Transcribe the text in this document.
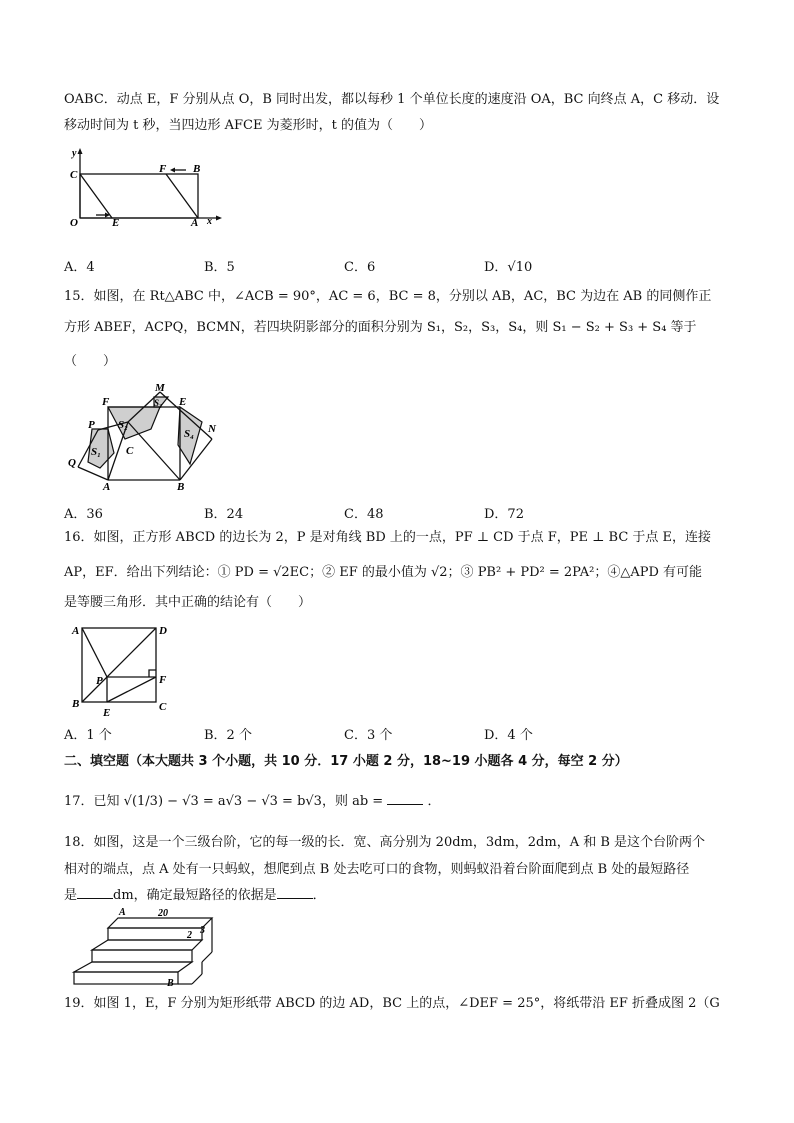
OABC．动点 E，F 分别从点 O，B 同时出发，都以每秒 1 个单位长度的速度沿 OA，BC 向终点 A，C 移动．设
移动时间为 t 秒，当四边形 AFCE 为菱形时，t 的值为（　　）
y
x
C	F B
O	E	A
A．4	B．5	C．6	D．√10
15．如图，在 Rt△ABC 中，∠ACB = 90°，AC = 6，BC = 8，分别以 AB，AC，BC 为边在 AB 的同侧作正
方形 ABEF，ACPQ，BCMN，若四块阴影部分的面积分别为 S₁，S₂，S₃，S₄，则 S₁ − S₂ + S₃ + S₄ 等于
（　　）
M
F	S₃ E
P S₂
S₄ N
Q
S₁ C
A	B
A．36	B．24	C．48	D．72
16．如图，正方形 ABCD 的边长为 2，P 是对角线 BD 上的一点，PF ⊥ CD 于点 F，PE ⊥ BC 于点 E，连接
AP，EF．给出下列结论：① PD = √2EC；② EF 的最小值为 √2；③ PB² + PD² = 2PA²；④△APD 有可能
是等腰三角形．其中正确的结论有（　　）
A	D
P	F
B
E	C
A．1 个	B．2 个	C．3 个	D．4 个
二、填空题（本大题共 3 个小题，共 10 分．17 小题 2 分，18~19 小题各 4 分，每空 2 分）
17．已知 √(1/3) − √3 = a√3 − √3 = b√3，则 ab =	．
18．如图，这是一个三级台阶，它的每一级的长．宽、高分别为 20dm，3dm，2dm，A 和 B 是这个台阶两个
相对的端点，点 A 处有一只蚂蚁，想爬到点 B 处去吃可口的食物，则蚂蚁沿着台阶面爬到点 B 处的最短路径
是	dm，确定最短路径的依据是	．
A	20
2 3
B
19．如图 1，E，F 分别为矩形纸带 ABCD 的边 AD，BC 上的点，∠DEF = 25°，将纸带沿 EF 折叠成图 2（G
